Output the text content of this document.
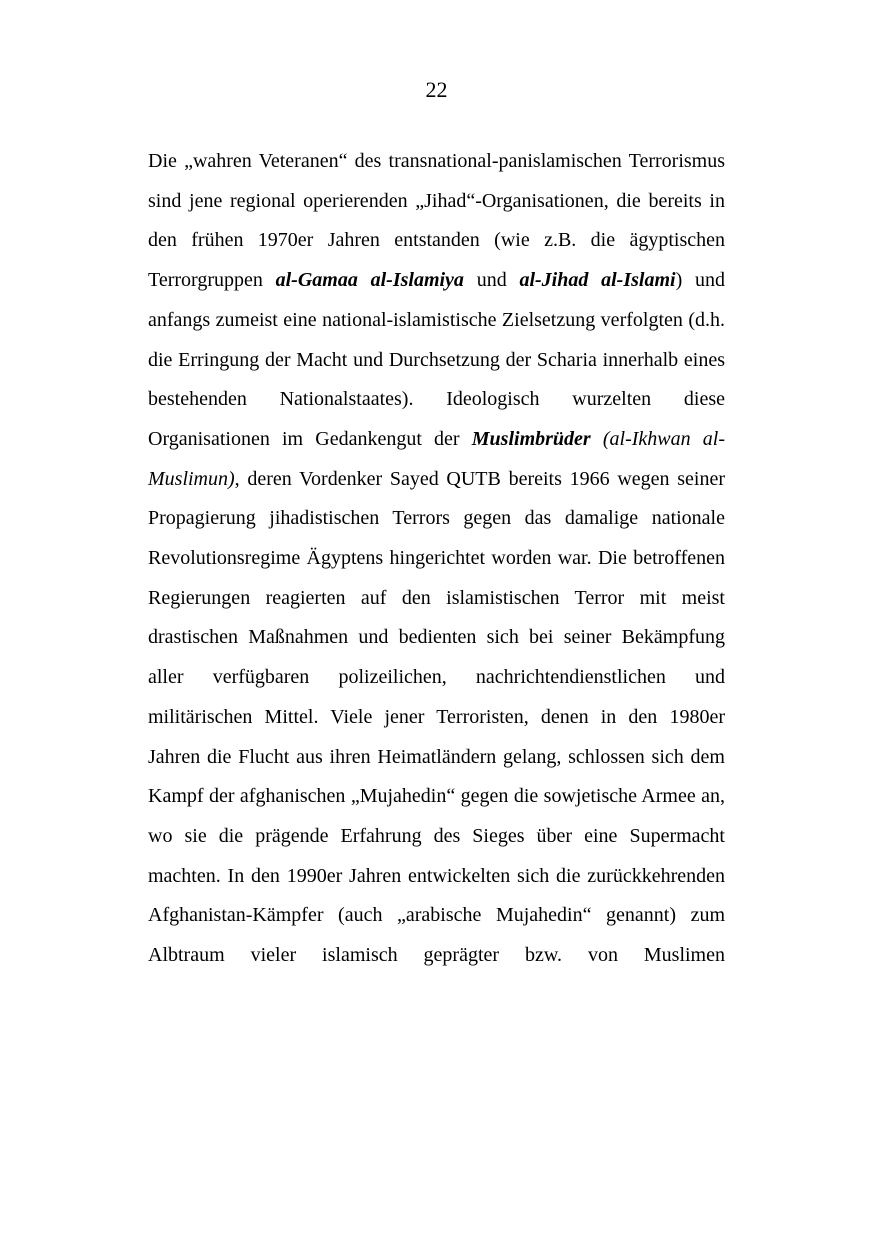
22

Die „wahren Veteranen“ des transnational-panislamischen Terrorismus sind jene regional operierenden „Jihad“-Organisationen, die bereits in den frühen 1970er Jahren entstanden (wie z.B. die ägyptischen Terrorgruppen al-Gamaa al-Islamiya und al-Jihad al-Islami) und anfangs zumeist eine national-islamistische Zielsetzung verfolgten (d.h. die Erringung der Macht und Durchsetzung der Scharia innerhalb eines bestehenden Nationalstaates). Ideologisch wurzelten diese Organisationen im Gedankengut der Muslimbrüder (al-Ikhwan al-Muslimun), deren Vordenker Sayed QUTB bereits 1966 wegen seiner Propagierung jihadistischen Terrors gegen das damalige nationale Revolutionsregime Ägyptens hingerichtet worden war. Die betroffenen Regierungen reagierten auf den islamistischen Terror mit meist drastischen Maßnahmen und bedienten sich bei seiner Bekämpfung aller verfügbaren polizeilichen, nachrichtendienstlichen und militärischen Mittel. Viele jener Terroristen, denen in den 1980er Jahren die Flucht aus ihren Heimatländern gelang, schlossen sich dem Kampf der afghanischen „Mujahedin“ gegen die sowjetische Armee an, wo sie die prägende Erfahrung des Sieges über eine Supermacht machten. In den 1990er Jahren entwickelten sich die zurückkehrenden Afghanistan-Kämpfer (auch „arabische Mujahedin“ genannt) zum Albtraum vieler islamisch geprägter bzw. von Muslimen
